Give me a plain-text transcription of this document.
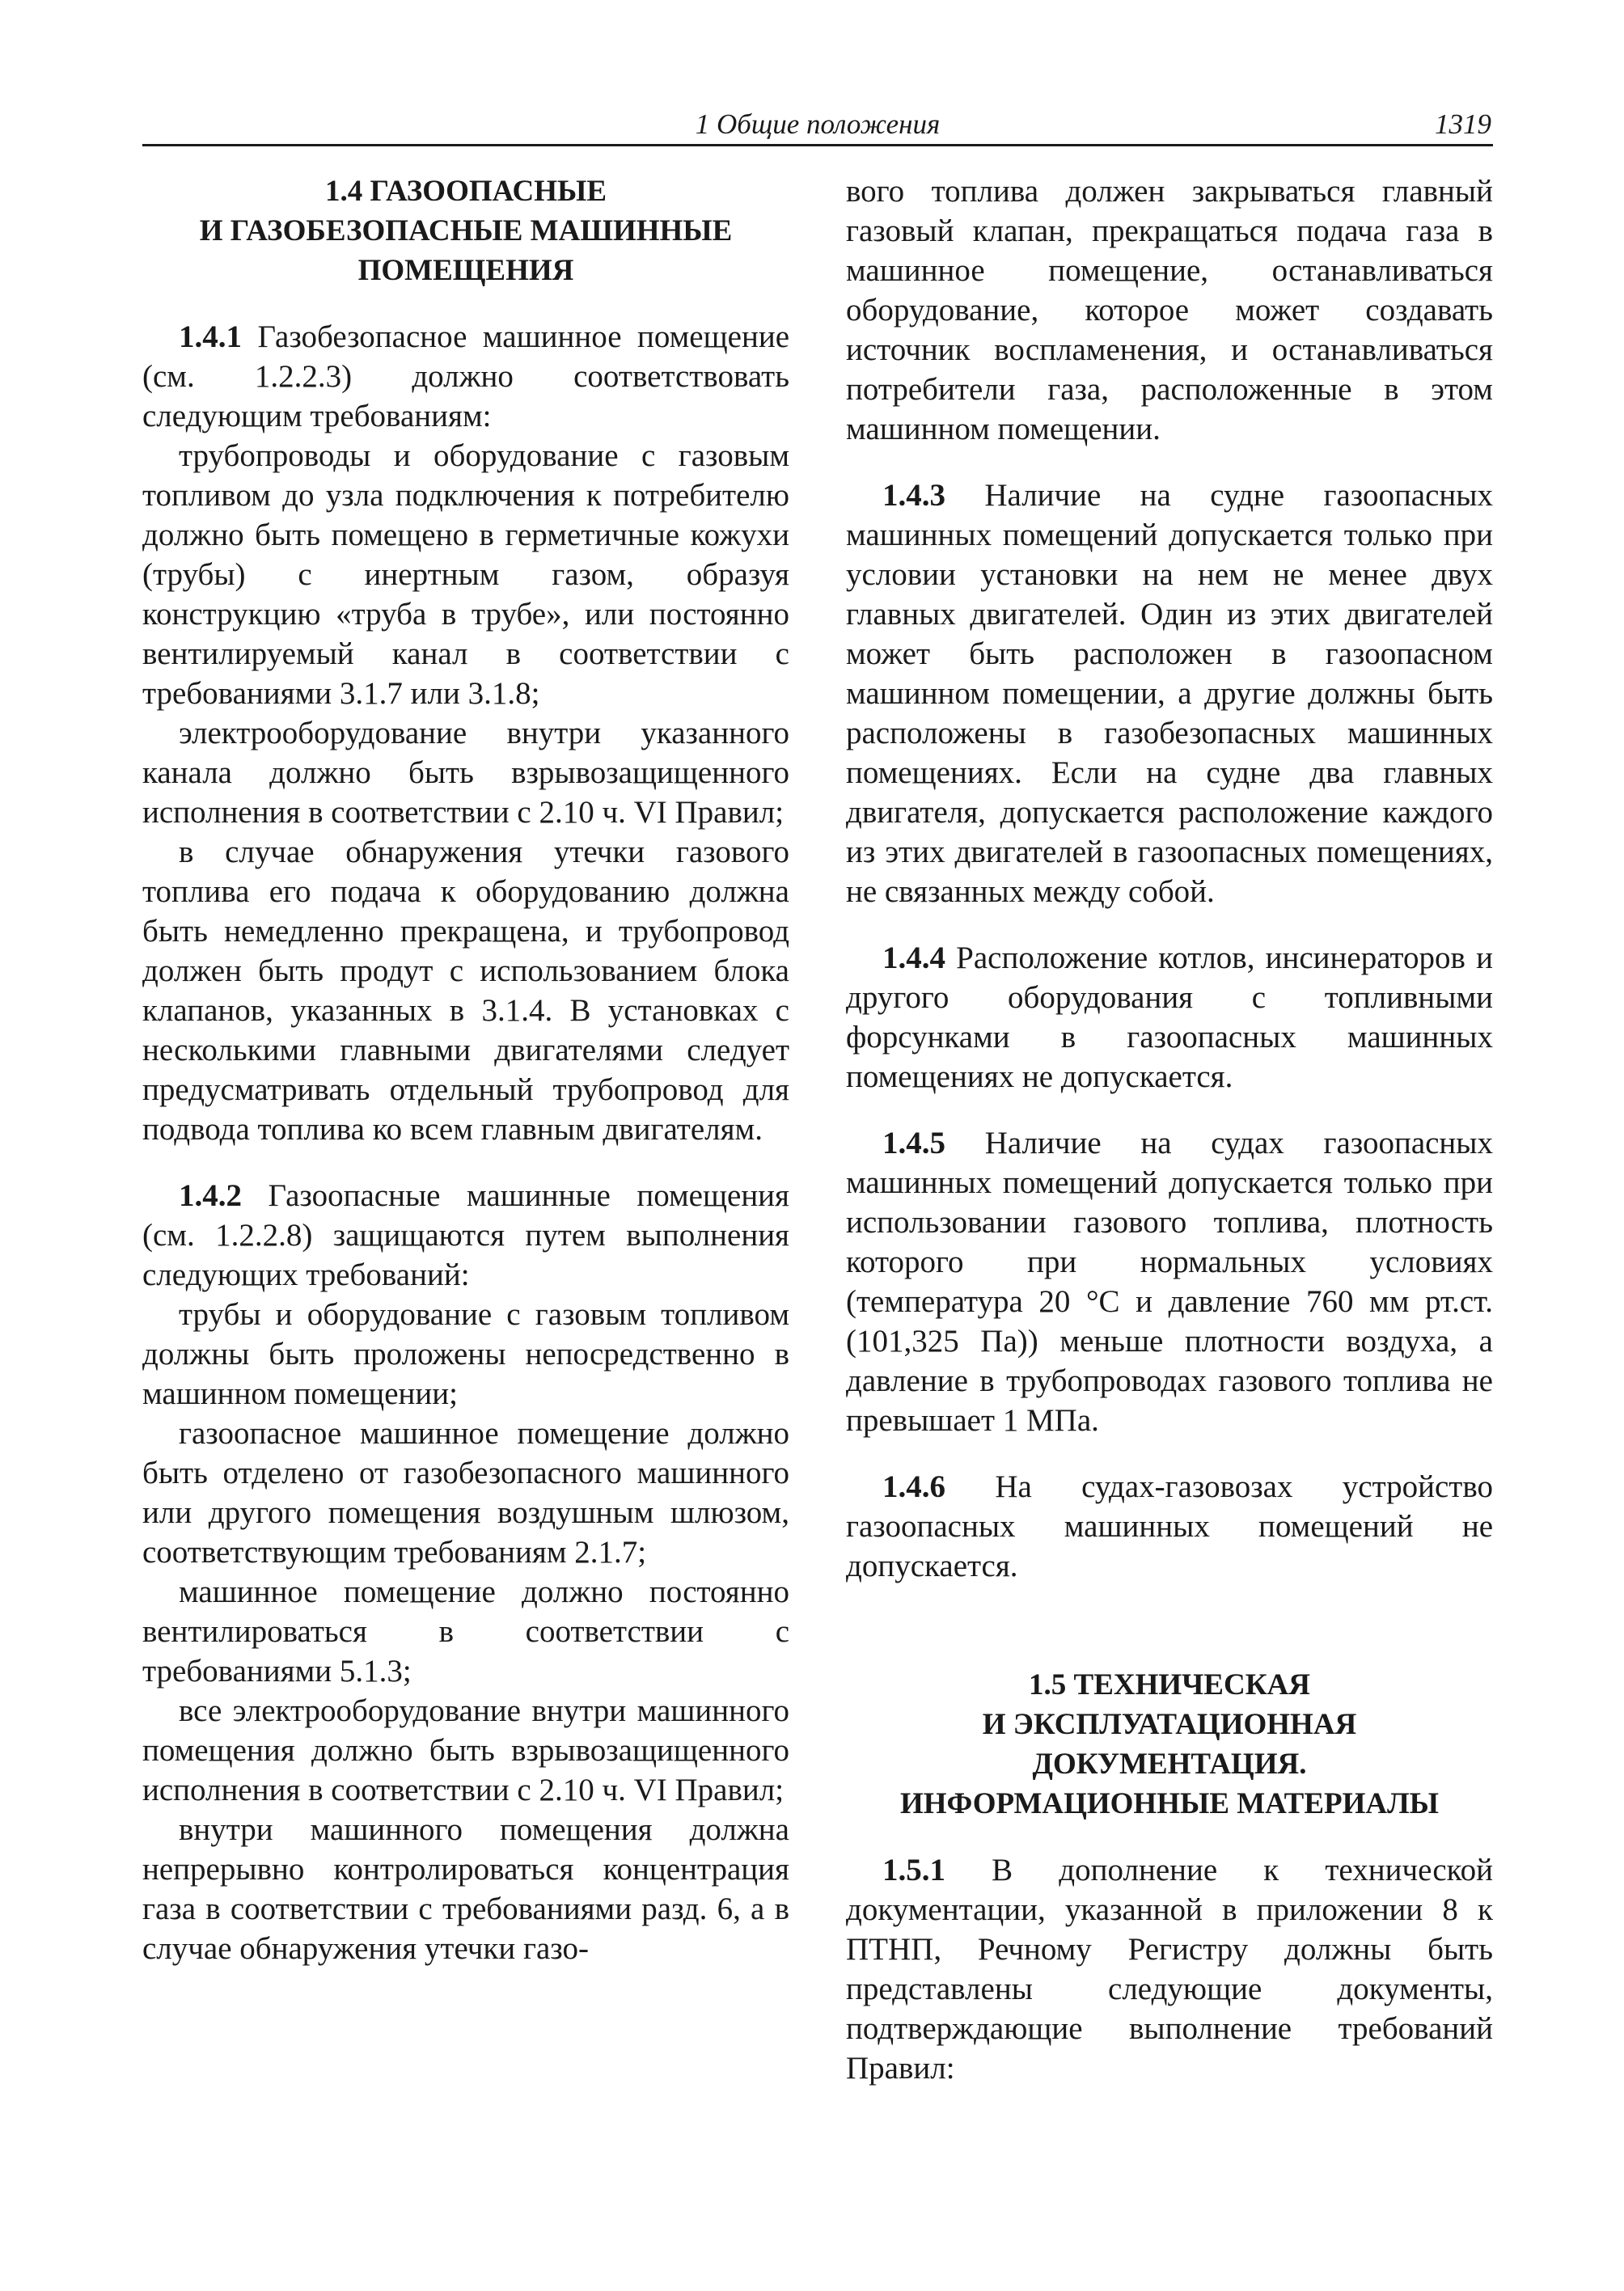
1 Общие положения	1319
1.4 ГАЗООПАСНЫЕ
И ГАЗОБЕЗОПАСНЫЕ МАШИННЫЕ
ПОМЕЩЕНИЯ

1.4.1 Газобезопасное машинное помещение (см. 1.2.2.3) должно соответствовать следующим требованиям:

трубопроводы и оборудование с газовым топливом до узла подключения к потребителю должно быть помещено в герметичные кожухи (трубы) с инертным газом, образуя конструкцию «труба в трубе», или постоянно вентилируемый канал в соответствии с требованиями 3.1.7 или 3.1.8;

электрооборудование внутри указанного канала должно быть взрывозащищенного исполнения в соответствии с 2.10 ч. VI Правил;

в случае обнаружения утечки газового топлива его подача к оборудованию должна быть немедленно прекращена, и трубопровод должен быть продут с использованием блока клапанов, указанных в 3.1.4. В установках с несколькими главными двигателями следует предусматривать отдельный трубопровод для подвода топлива ко всем главным двигателям.

1.4.2 Газоопасные машинные помещения (см. 1.2.2.8) защищаются путем выполнения следующих требований:

трубы и оборудование с газовым топливом должны быть проложены непосредственно в машинном помещении;

газоопасное машинное помещение должно быть отделено от газобезопасного машинного или другого помещения воздушным шлюзом, соответствующим требованиям 2.1.7;

машинное помещение должно постоянно вентилироваться в соответствии с требованиями 5.1.3;

все электрооборудование внутри машинного помещения должно быть взрывозащищенного исполнения в соответствии с 2.10 ч. VI Правил;

внутри машинного помещения должна непрерывно контролироваться концентрация газа в соответствии с требованиями разд. 6, а в случае обнаружения утечки газо-

вого топлива должен закрываться главный газовый клапан, прекращаться подача газа в машинное помещение, останавливаться оборудование, которое может создавать источник воспламенения, и останавливаться потребители газа, расположенные в этом машинном помещении.

1.4.3 Наличие на судне газоопасных машинных помещений допускается только при условии установки на нем не менее двух главных двигателей. Один из этих двигателей может быть расположен в газоопасном машинном помещении, а другие должны быть расположены в газобезопасных машинных помещениях. Если на судне два главных двигателя, допускается расположение каждого из этих двигателей в газоопасных помещениях, не связанных между собой.

1.4.4 Расположение котлов, инсинераторов и другого оборудования с топливными форсунками в газоопасных машинных помещениях не допускается.

1.4.5 Наличие на судах газоопасных машинных помещений допускается только при использовании газового топлива, плотность которого при нормальных условиях (температура 20 °С и давление 760 мм рт.ст. (101,325 Па)) меньше плотности воздуха, а давление в трубопроводах газового топлива не превышает 1 МПа.

1.4.6 На судах-газовозах устройство газоопасных машинных помещений не допускается.

1.5 ТЕХНИЧЕСКАЯ
И ЭКСПЛУАТАЦИОННАЯ
ДОКУМЕНТАЦИЯ.
ИНФОРМАЦИОННЫЕ МАТЕРИАЛЫ

1.5.1 В дополнение к технической документации, указанной в приложении 8 к ПТНП, Речному Регистру должны быть представлены следующие документы, подтверждающие выполнение требований Правил:
